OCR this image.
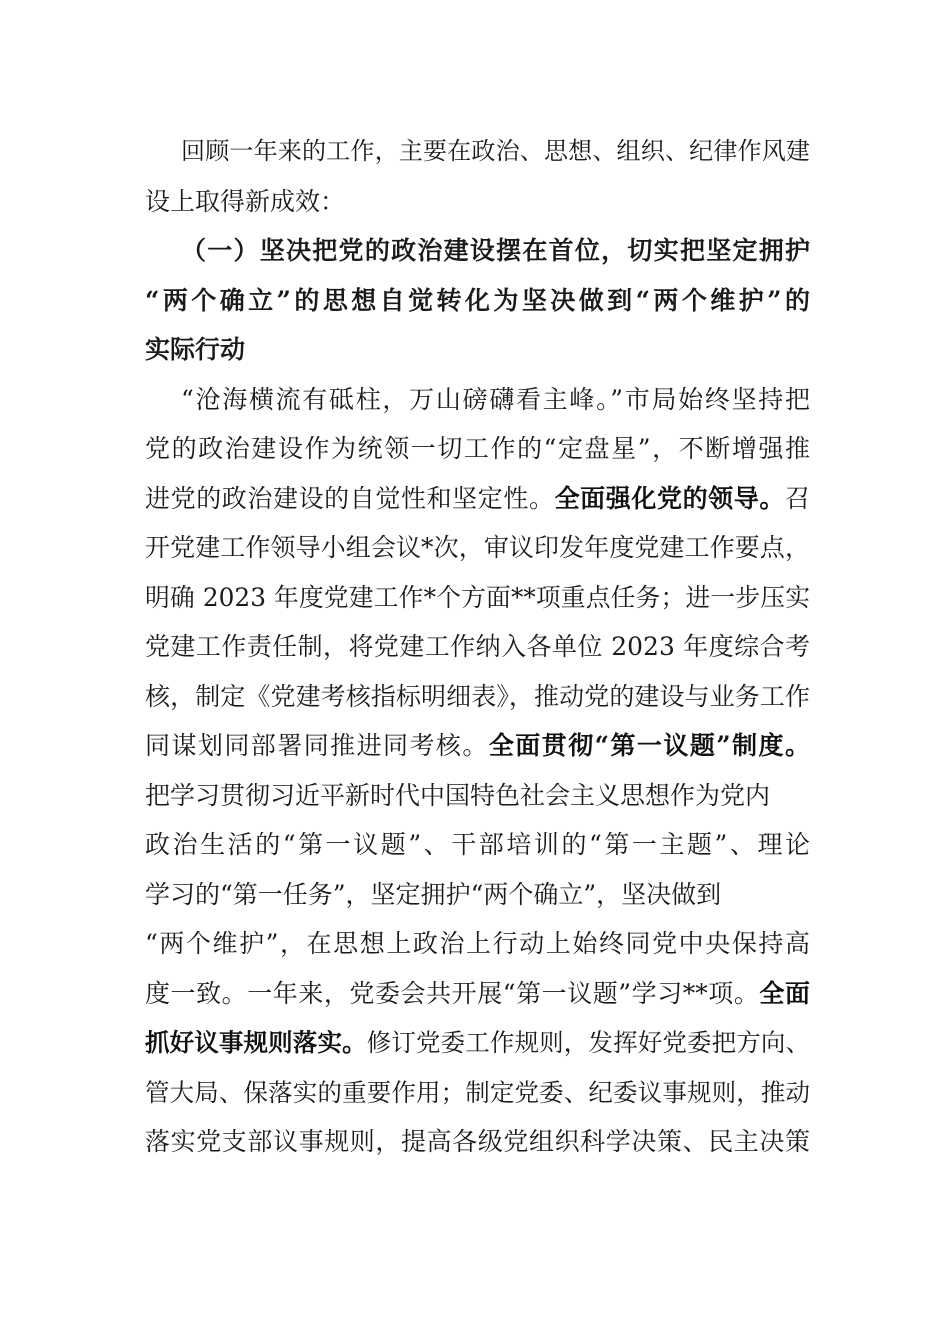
回顾一年来的工作，主要在政治、思想、组织、纪律作风建
设上取得新成效：
（一）坚决把党的政治建设摆在首位，切实把坚定拥护
“两个确立”的思想自觉转化为坚决做到“两个维护”的
实际行动
“沧海横流有砥柱，万山磅礴看主峰。”市局始终坚持把
党的政治建设作为统领一切工作的“定盘星”，不断增强推
进党的政治建设的自觉性和坚定性。全面强化党的领导。召
开党建工作领导小组会议*次，审议印发年度党建工作要点，
明确 2023 年度党建工作*个方面**项重点任务；进一步压实
党建工作责任制，将党建工作纳入各单位 2023 年度综合考
核，制定《党建考核指标明细表》，推动党的建设与业务工作
同谋划同部署同推进同考核。全面贯彻“第一议题”制度。
把学习贯彻习近平新时代中国特色社会主义思想作为党内
政治生活的“第一议题”、干部培训的“第一主题”、理论
学习的“第一任务”，坚定拥护“两个确立”，坚决做到
“两个维护”，在思想上政治上行动上始终同党中央保持高
度一致。一年来，党委会共开展“第一议题”学习**项。全面
抓好议事规则落实。修订党委工作规则，发挥好党委把方向、
管大局、保落实的重要作用；制定党委、纪委议事规则，推动
落实党支部议事规则，提高各级党组织科学决策、民主决策
